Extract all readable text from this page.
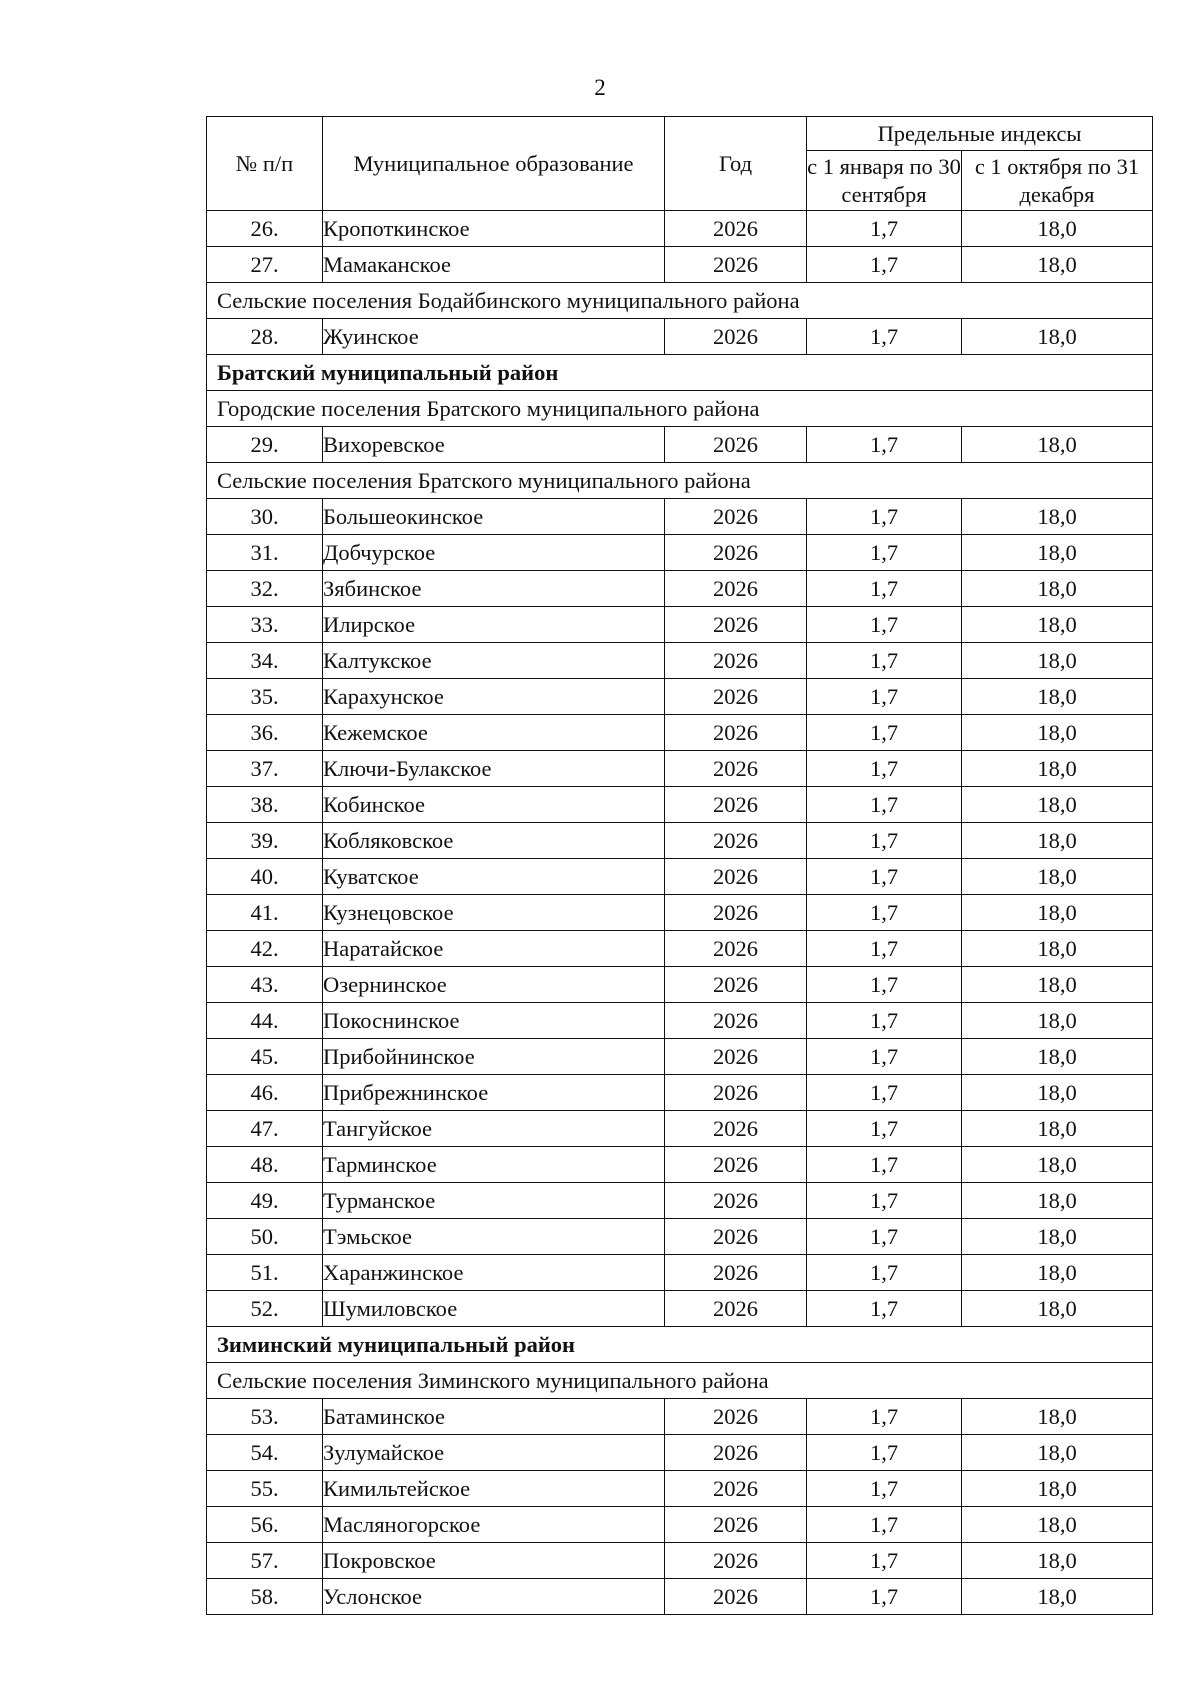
2
№ п/п	Муниципальное образование	Год	Предельные индексы	
			с 1 января по 30 сентября	с 1 октября по 31 декабря
26.	Кропоткинское	2026	1,7	18,0
27.	Мамаканское	2026	1,7	18,0
Сельские поселения Бодайбинского муниципального района				
28.	Жуинское	2026	1,7	18,0
Братский муниципальный район				
Городские поселения Братского муниципального района				
29.	Вихоревское	2026	1,7	18,0
Сельские поселения Братского муниципального района				
30.	Большеокинское	2026	1,7	18,0
31.	Добчурское	2026	1,7	18,0
32.	Зябинское	2026	1,7	18,0
33.	Илирское	2026	1,7	18,0
34.	Калтукское	2026	1,7	18,0
35.	Карахунское	2026	1,7	18,0
36.	Кежемское	2026	1,7	18,0
37.	Ключи-Булакское	2026	1,7	18,0
38.	Кобинское	2026	1,7	18,0
39.	Кобляковское	2026	1,7	18,0
40.	Куватское	2026	1,7	18,0
41.	Кузнецовское	2026	1,7	18,0
42.	Наратайское	2026	1,7	18,0
43.	Озернинское	2026	1,7	18,0
44.	Покоснинское	2026	1,7	18,0
45.	Прибойнинское	2026	1,7	18,0
46.	Прибрежнинское	2026	1,7	18,0
47.	Тангуйское	2026	1,7	18,0
48.	Тарминское	2026	1,7	18,0
49.	Турманское	2026	1,7	18,0
50.	Тэмьское	2026	1,7	18,0
51.	Харанжинское	2026	1,7	18,0
52.	Шумиловское	2026	1,7	18,0
Зиминский муниципальный район				
Сельские поселения Зиминского муниципального района				
53.	Батаминское	2026	1,7	18,0
54.	Зулумайское	2026	1,7	18,0
55.	Кимильтейское	2026	1,7	18,0
56.	Масляногорское	2026	1,7	18,0
57.	Покровское	2026	1,7	18,0
58.	Услонское	2026	1,7	18,0
